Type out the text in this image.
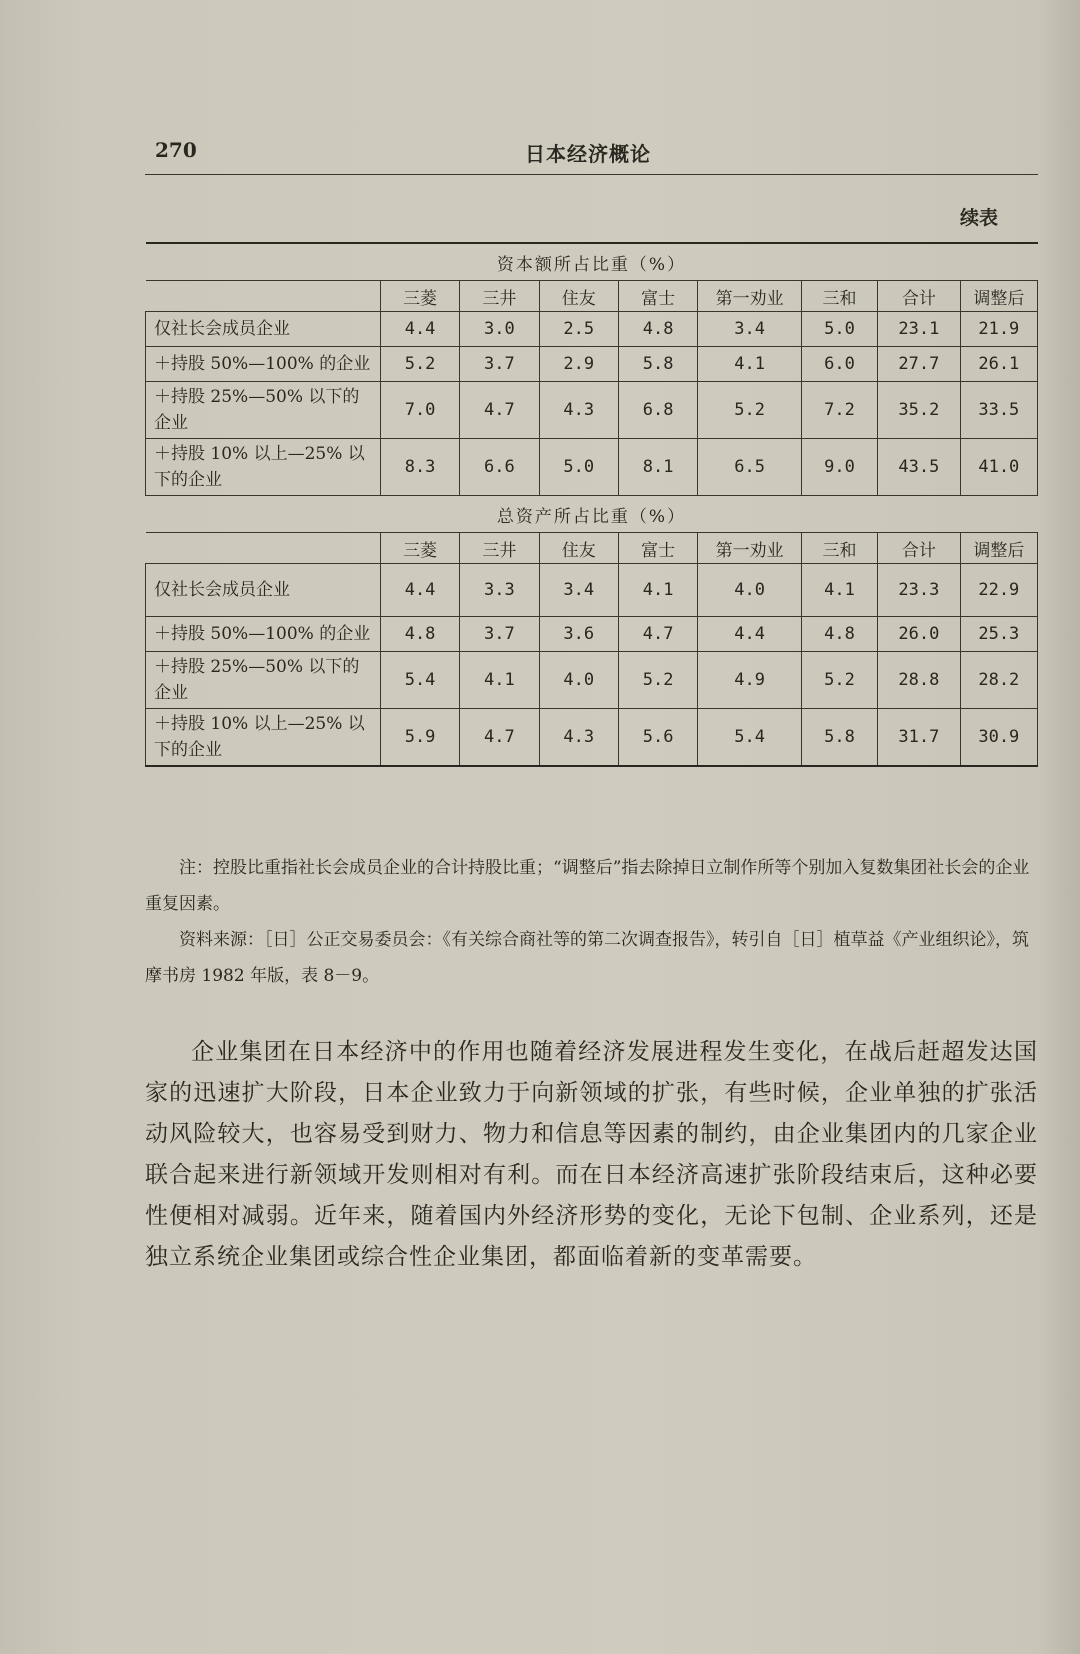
270	日本经济概论
续表
资本额所占比重（%）								
	三菱	三井	住友	富士	第一劝业	三和	合计	调整后
仅社长会成员企业	4.4	3.0	2.5	4.8	3.4	5.0	23.1	21.9
＋持股 50%—100% 的企业	5.2	3.7	2.9	5.8	4.1	6.0	27.7	26.1
＋持股 25%—50% 以下的企业	7.0	4.7	4.3	6.8	5.2	7.2	35.2	33.5
＋持股 10% 以上—25% 以下的企业	8.3	6.6	5.0	8.1	6.5	9.0	43.5	41.0
总资产所占比重（%）								
	三菱	三井	住友	富士	第一劝业	三和	合计	调整后
仅社长会成员企业	4.4	3.3	3.4	4.1	4.0	4.1	23.3	22.9
＋持股 50%—100% 的企业	4.8	3.7	3.6	4.7	4.4	4.8	26.0	25.3
＋持股 25%—50% 以下的企业	5.4	4.1	4.0	5.2	4.9	5.2	28.8	28.2
＋持股 10% 以上—25% 以下的企业	5.9	4.7	4.3	5.6	5.4	5.8	31.7	30.9
注：控股比重指社长会成员企业的合计持股比重；“调整后”指去除掉日立制作所等个别加入复数集团社长会的企业重复因素。
资料来源：［日］公正交易委员会：《有关综合商社等的第二次调查报告》，转引自［日］植草益《产业组织论》，筑摩书房 1982 年版，表 8－9。
企业集团在日本经济中的作用也随着经济发展进程发生变化，在战后赶超发达国家的迅速扩大阶段，日本企业致力于向新领域的扩张，有些时候，企业单独的扩张活动风险较大，也容易受到财力、物力和信息等因素的制约，由企业集团内的几家企业联合起来进行新领域开发则相对有利。而在日本经济高速扩张阶段结束后，这种必要性便相对减弱。近年来，随着国内外经济形势的变化，无论下包制、企业系列，还是独立系统企业集团或综合性企业集团，都面临着新的变革需要。
